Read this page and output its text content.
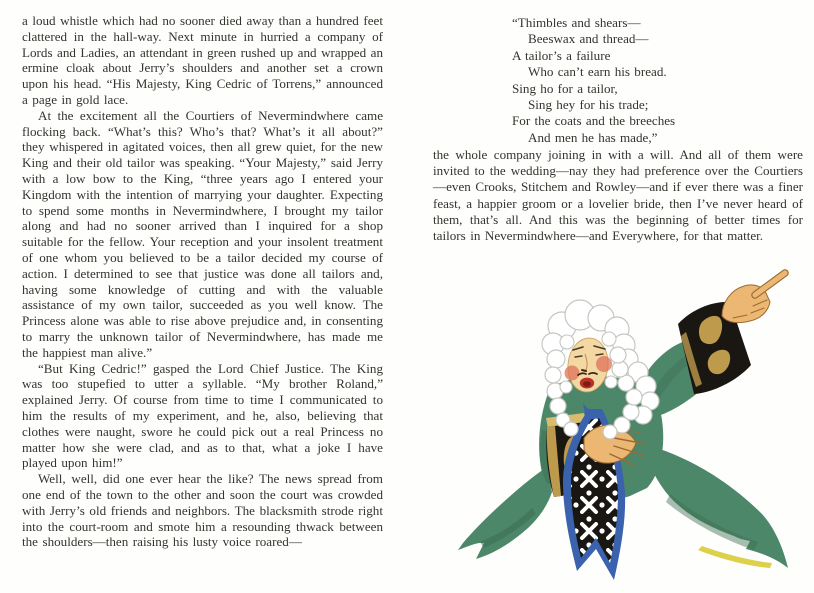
a loud whistle which had no sooner died away than a hundred feet clattered in the hall-way. Next minute in hurried a company of Lords and Ladies, an attendant in green rushed up and wrapped an ermine cloak about Jerry’s shoulders and another set a crown upon his head. “His Majesty, King Cedric of Torrens,” announced a page in gold lace.

At the excitement all the Courtiers of Nevermindwhere came flocking back. “What’s this? Who’s that? What’s it all about?” they whispered in agitated voices, then all grew quiet, for the new King and their old tailor was speaking. “Your Majesty,” said Jerry with a low bow to the King, “three years ago I entered your Kingdom with the intention of marrying your daughter. Expecting to spend some months in Nevermindwhere, I brought my tailor along and had no sooner arrived than I inquired for a shop suitable for the fellow. Your reception and your insolent treatment of one whom you believed to be a tailor decided my course of action. I determined to see that justice was done all tailors and, having some knowledge of cutting and with the valuable assistance of my own tailor, succeeded as you well know. The Princess alone was able to rise above prejudice and, in consenting to marry the unknown tailor of Nevermindwhere, has made me the happiest man alive.”

“But King Cedric!” gasped the Lord Chief Justice. The King was too stupefied to utter a syllable. “My brother Roland,” explained Jerry. Of course from time to time I communicated to him the results of my experiment, and he, also, believing that clothes were naught, swore he could pick out a real Princess no matter how she were clad, and as to that, what a joke I have played upon him!”

Well, well, did one ever hear the like? The news spread from one end of the town to the other and soon the court was crowded with Jerry’s old friends and neighbors. The blacksmith strode right into the court-room and smote him a resounding thwack between the shoulders—then raising his lusty voice roared—

“Thimbles and shears—
Beeswax and thread—
A tailor’s a failure
Who can’t earn his bread.
Sing ho for a tailor,
Sing hey for his trade;
For the coats and the breeches
And men he has made,”

the whole company joining in with a will. And all of them were invited to the wedding—nay they had preference over the Courtiers—even Crooks, Stitchem and Rowley—and if ever there was a finer feast, a happier groom or a lovelier bride, then I’ve never heard of them, that’s all. And this was the beginning of better times for tailors in Nevermindwhere—and Everywhere, for that matter.
